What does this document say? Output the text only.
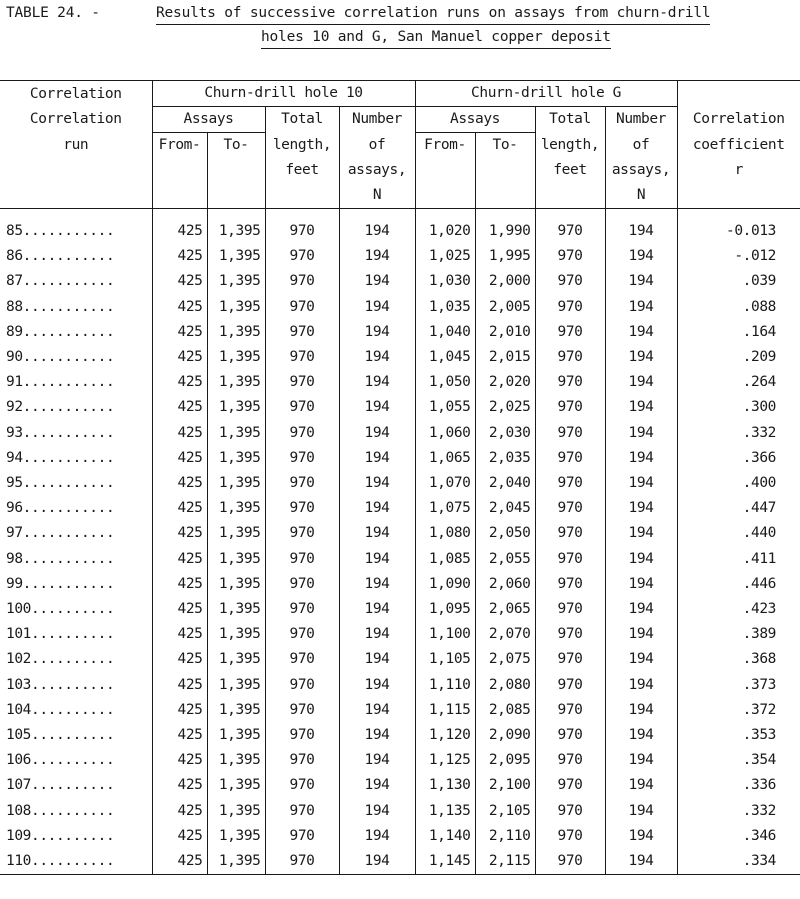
TABLE 24. -	Results of successive correlation runs on assays from churn-drill
holes 10 and G, San Manuel copper deposit

Correlation	Churn-drill hole 10				Churn-drill hole G				
Correlation	Assays		Total	Number	Assays		Total	Number	Correlation
run	From-	To-	length,	of	From-	To-	length,	of	coefficient
			feet	assays,			feet	assays,	r
				N				N	
85...........	425	1,395	970	194	1,020	1,990	970	194	-0.013
86...........	425	1,395	970	194	1,025	1,995	970	194	-.012
87...........	425	1,395	970	194	1,030	2,000	970	194	.039
88...........	425	1,395	970	194	1,035	2,005	970	194	.088
89...........	425	1,395	970	194	1,040	2,010	970	194	.164
90...........	425	1,395	970	194	1,045	2,015	970	194	.209
91...........	425	1,395	970	194	1,050	2,020	970	194	.264
92...........	425	1,395	970	194	1,055	2,025	970	194	.300
93...........	425	1,395	970	194	1,060	2,030	970	194	.332
94...........	425	1,395	970	194	1,065	2,035	970	194	.366
95...........	425	1,395	970	194	1,070	2,040	970	194	.400
96...........	425	1,395	970	194	1,075	2,045	970	194	.447
97...........	425	1,395	970	194	1,080	2,050	970	194	.440
98...........	425	1,395	970	194	1,085	2,055	970	194	.411
99...........	425	1,395	970	194	1,090	2,060	970	194	.446
100..........	425	1,395	970	194	1,095	2,065	970	194	.423
101..........	425	1,395	970	194	1,100	2,070	970	194	.389
102..........	425	1,395	970	194	1,105	2,075	970	194	.368
103..........	425	1,395	970	194	1,110	2,080	970	194	.373
104..........	425	1,395	970	194	1,115	2,085	970	194	.372
105..........	425	1,395	970	194	1,120	2,090	970	194	.353
106..........	425	1,395	970	194	1,125	2,095	970	194	.354
107..........	425	1,395	970	194	1,130	2,100	970	194	.336
108..........	425	1,395	970	194	1,135	2,105	970	194	.332
109..........	425	1,395	970	194	1,140	2,110	970	194	.346
110..........	425	1,395	970	194	1,145	2,115	970	194	.334
